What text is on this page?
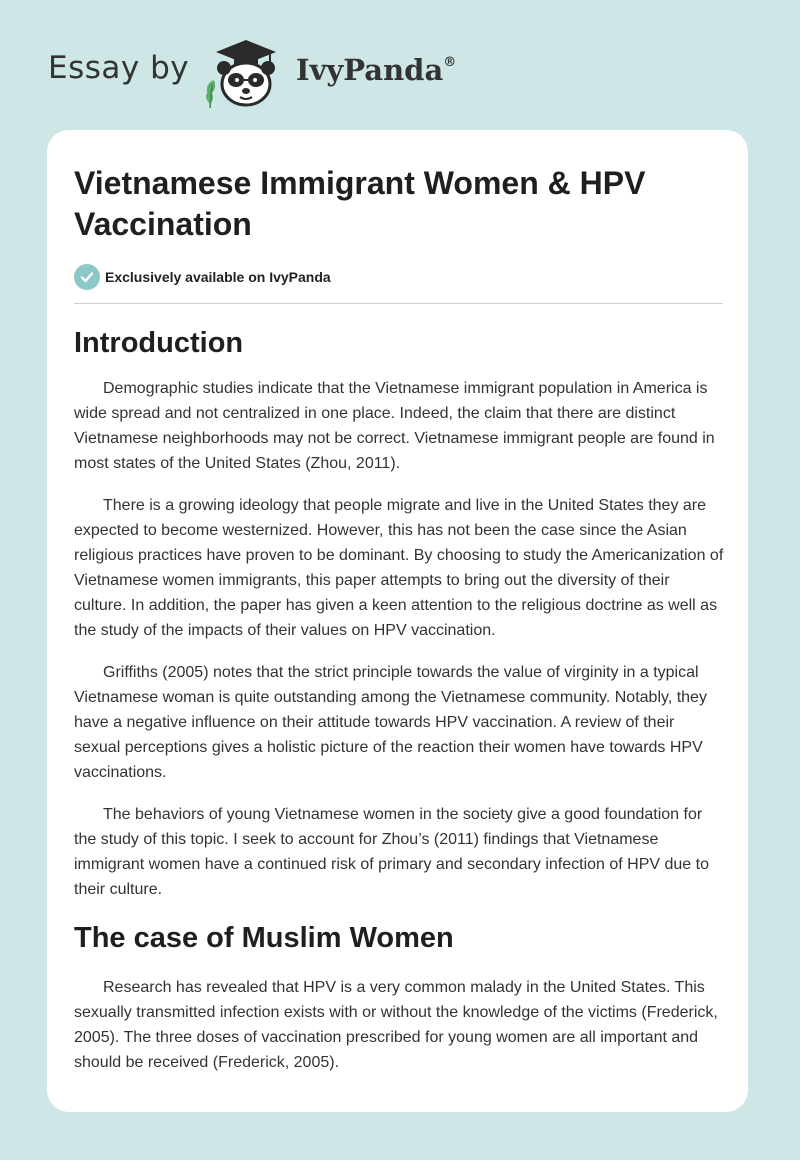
Essay by	IvyPanda®
Vietnamese Immigrant Women & HPV Vaccination
Exclusively available on IvyPanda
Introduction

Demographic studies indicate that the Vietnamese immigrant population in America is wide spread and not centralized in one place. Indeed, the claim that there are distinct Vietnamese neighborhoods may not be correct. Vietnamese immigrant people are found in most states of the United States (Zhou, 2011).

There is a growing ideology that people migrate and live in the United States they are expected to become westernized. However, this has not been the case since the Asian religious practices have proven to be dominant. By choosing to study the Americanization of Vietnamese women immigrants, this paper attempts to bring out the diversity of their culture. In addition, the paper has given a keen attention to the religious doctrine as well as the study of the impacts of their values on HPV vaccination.

Griffiths (2005) notes that the strict principle towards the value of virginity in a typical Vietnamese woman is quite outstanding among the Vietnamese community. Notably, they have a negative influence on their attitude towards HPV vaccination. A review of their sexual perceptions gives a holistic picture of the reaction their women have towards HPV vaccinations.

The behaviors of young Vietnamese women in the society give a good foundation for the study of this topic. I seek to account for Zhou’s (2011) findings that Vietnamese immigrant women have a continued risk of primary and secondary infection of HPV due to their culture.

The case of Muslim Women

Research has revealed that HPV is a very common malady in the United States. This sexually transmitted infection exists with or without the knowledge of the victims (Frederick, 2005). The three doses of vaccination prescribed for young women are all important and should be received (Frederick, 2005).
